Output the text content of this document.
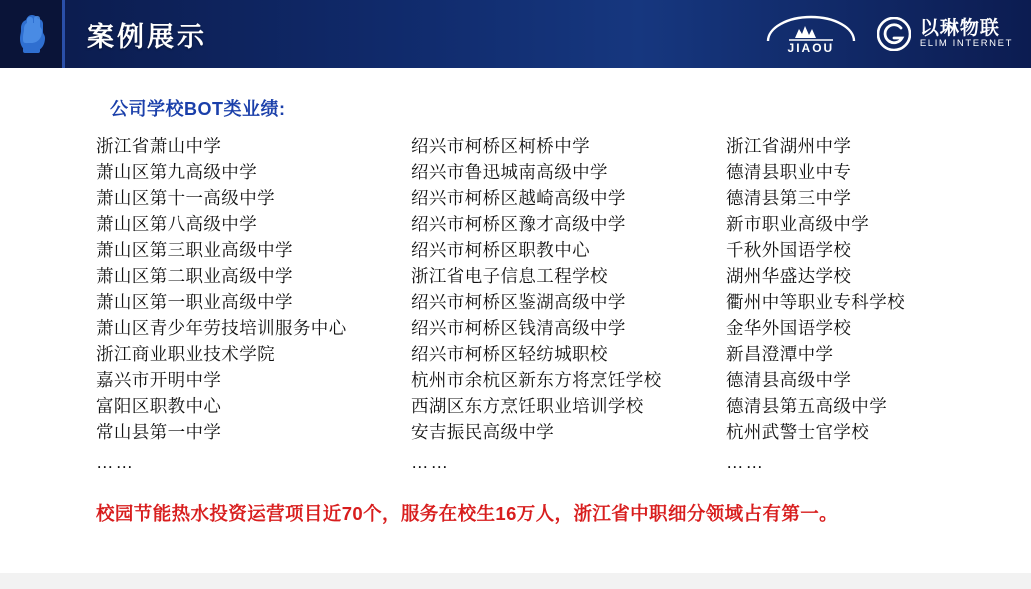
案例展示	JIAOU
以琳物联
ELIM INTERNET
公司学校BOT类业绩:
浙江省萧山中学
萧山区第九高级中学
萧山区第十一高级中学
萧山区第八高级中学
萧山区第三职业高级中学
萧山区第二职业高级中学
萧山区第一职业高级中学
萧山区青少年劳技培训服务中心
浙江商业职业技术学院
嘉兴市开明中学
富阳区职教中心
常山县第一中学
……
绍兴市柯桥区柯桥中学
绍兴市鲁迅城南高级中学
绍兴市柯桥区越崎高级中学
绍兴市柯桥区豫才高级中学
绍兴市柯桥区职教中心
浙江省电子信息工程学校
绍兴市柯桥区鉴湖高级中学
绍兴市柯桥区钱清高级中学
绍兴市柯桥区轻纺城职校
杭州市余杭区新东方将烹饪学校
西湖区东方烹饪职业培训学校
安吉振民高级中学
……
浙江省湖州中学
德清县职业中专
德清县第三中学
新市职业高级中学
千秋外国语学校
湖州华盛达学校
衢州中等职业专科学校
金华外国语学校
新昌澄潭中学
德清县高级中学
德清县第五高级中学
杭州武警士官学校
……
校园节能热水投资运营项目近70个，服务在校生16万人，浙江省中职细分领域占有第一。
